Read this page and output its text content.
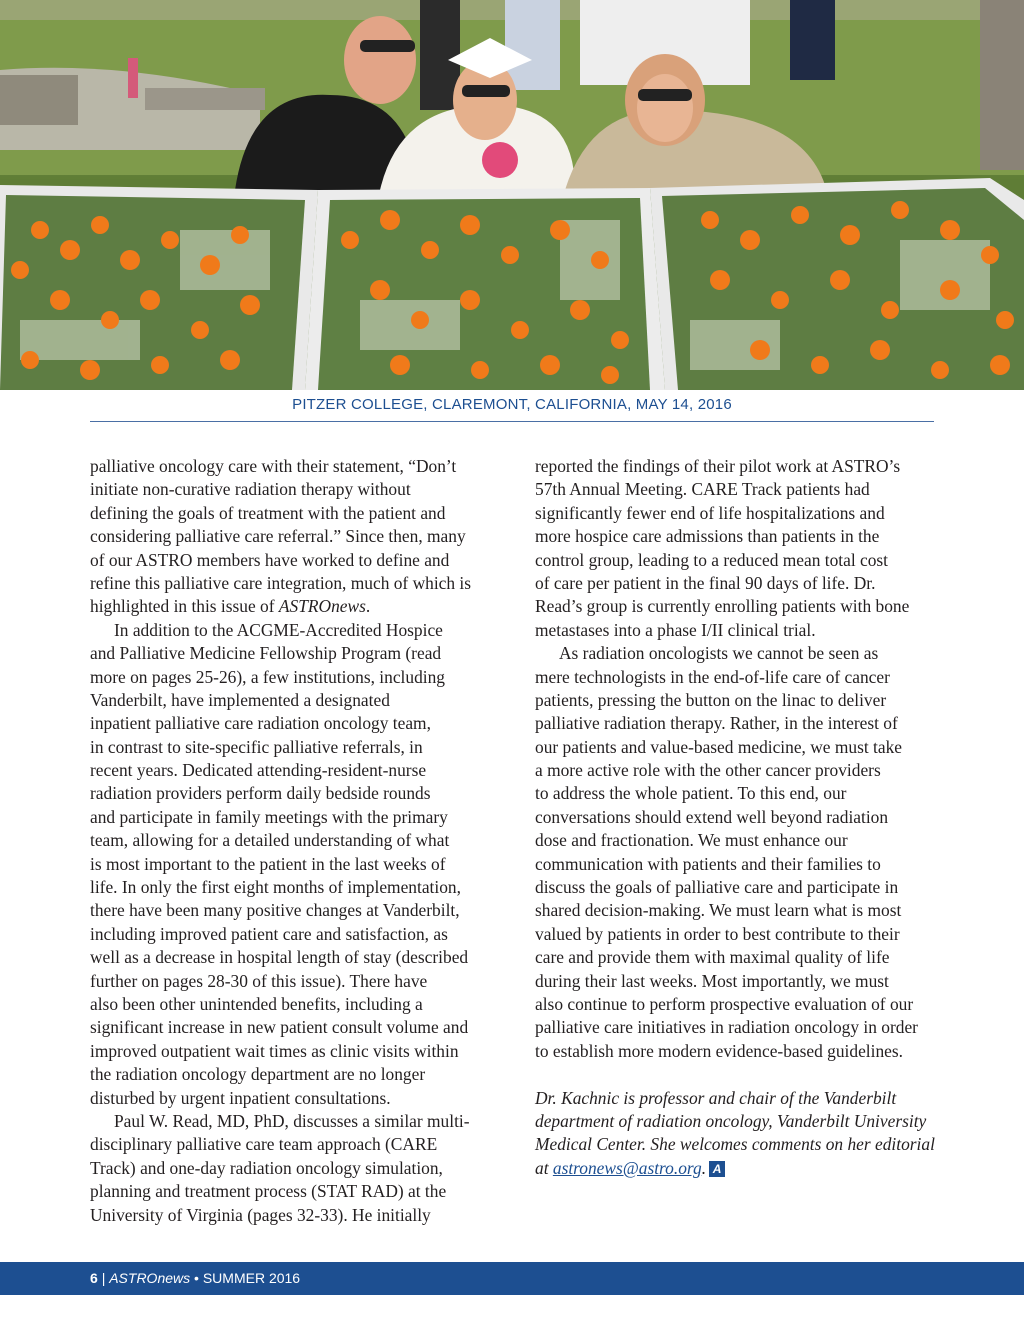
PITZER COLLEGE, CLAREMONT, CALIFORNIA, MAY 14, 2016
palliative oncology care with their statement, “Don’t
initiate non-curative radiation therapy without
defining the goals of treatment with the patient and
considering palliative care referral.” Since then, many
of our ASTRO members have worked to define and
refine this palliative care integration, much of which is
highlighted in this issue of ASTROnews.
In addition to the ACGME-Accredited Hospice
and Palliative Medicine Fellowship Program (read
more on pages 25-26), a few institutions, including
Vanderbilt, have implemented a designated
inpatient palliative care radiation oncology team,
in contrast to site-specific palliative referrals, in
recent years. Dedicated attending-resident-nurse
radiation providers perform daily bedside rounds
and participate in family meetings with the primary
team, allowing for a detailed understanding of what
is most important to the patient in the last weeks of
life. In only the first eight months of implementation,
there have been many positive changes at Vanderbilt,
including improved patient care and satisfaction, as
well as a decrease in hospital length of stay (described
further on pages 28-30 of this issue). There have
also been other unintended benefits, including a
significant increase in new patient consult volume and
improved outpatient wait times as clinic visits within
the radiation oncology department are no longer
disturbed by urgent inpatient consultations.
Paul W. Read, MD, PhD, discusses a similar multi-
disciplinary palliative care team approach (CARE
Track) and one-day radiation oncology simulation,
planning and treatment process (STAT RAD) at the
University of Virginia (pages 32-33). He initially
reported the findings of their pilot work at ASTRO’s
57th Annual Meeting. CARE Track patients had
significantly fewer end of life hospitalizations and
more hospice care admissions than patients in the
control group, leading to a reduced mean total cost
of care per patient in the final 90 days of life. Dr.
Read’s group is currently enrolling patients with bone
metastases into a phase I/II clinical trial.
As radiation oncologists we cannot be seen as
mere technologists in the end-of-life care of cancer
patients, pressing the button on the linac to deliver
palliative radiation therapy. Rather, in the interest of
our patients and value-based medicine, we must take
a more active role with the other cancer providers
to address the whole patient. To this end, our
conversations should extend well beyond radiation
dose and fractionation. We must enhance our
communication with patients and their families to
discuss the goals of palliative care and participate in
shared decision-making. We must learn what is most
valued by patients in order to best contribute to their
care and provide them with maximal quality of life
during their last weeks. Most importantly, we must
also continue to perform prospective evaluation of our
palliative care initiatives in radiation oncology in order
to establish more modern evidence-based guidelines.
Dr. Kachnic is professor and chair of the Vanderbilt
department of radiation oncology, Vanderbilt University
Medical Center. She welcomes comments on her editorial
at astronews@astro.org. A
6 | ASTROnews • SUMMER 2016
